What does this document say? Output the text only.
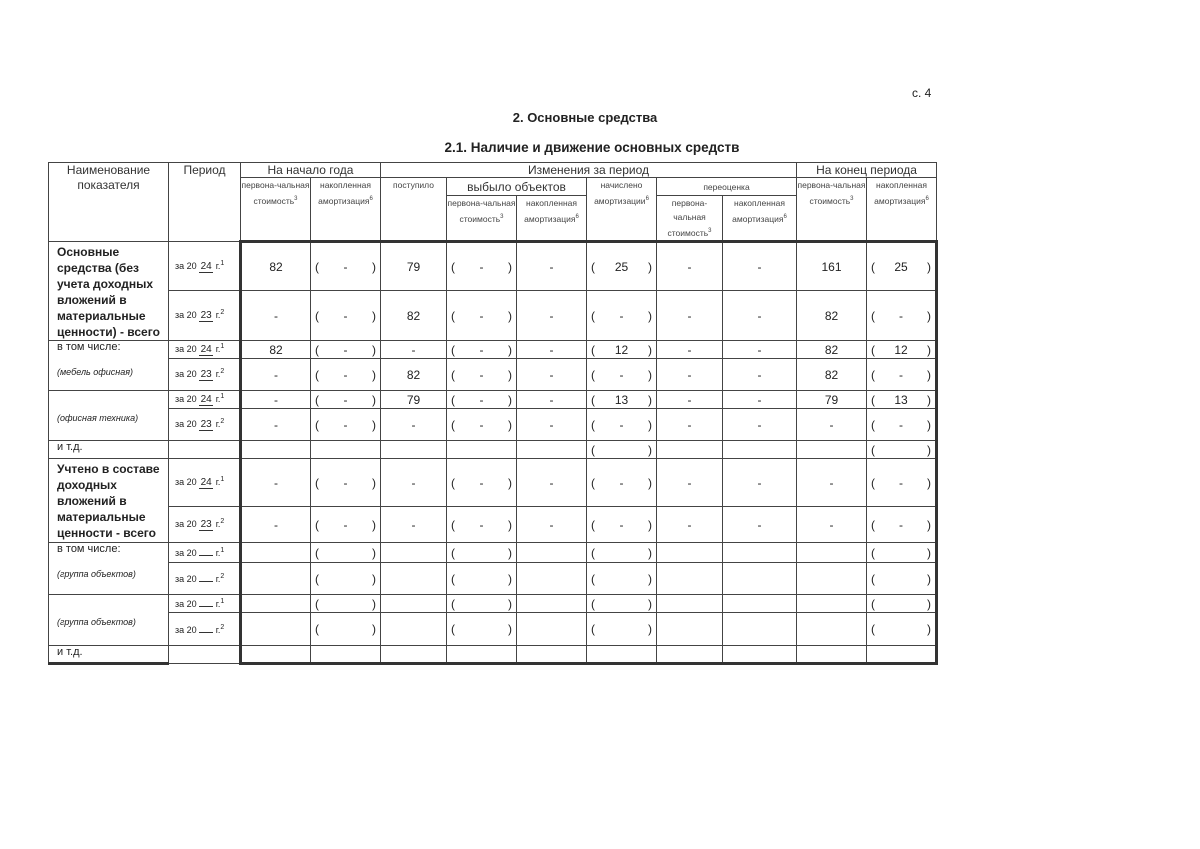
с. 4
2. Основные средства
2.1. Наличие и движение основных средств
Наименование показателя	Период	На начало года		Изменения за период						На конец периода	
		первона-чальная стоимость$^3$	накопленная амортизация$^6$	поступило	выбыло объектов		начислено амортизации$^6$	переоценка		первона-чальная стоимость$^3$	накопленная амортизация$^6$
					первона-чальная стоимость$^3$	накопленная амортизация$^6$		первона-чальная стоимость$^3$	накопленная амортизация$^6$
Основные средства (без учета доходных вложений в материальные ценности) - всего	за 20 24 г.$^1$	82	( - )	79	( - )	-	( 25 )	-	-	161	( 25 )

	за 20 23 г.$^2$	-	( - )	82	( - )	-	( - )	-	-	82	( - )

в том числе:
(мебель офисная)	за 20 24 г.$^1$	82	( - )	-	( - )	-	( 12 )	-	-	82	( 12 )

	за 20 23 г.$^2$	-	( - )	82	( - )	-	( - )	-	-	82	( - )

(офисная техника)	за 20 24 г.$^1$	-	( - )	79	( - )	-	( 13 )	-	-	79	( 13 )

	за 20 23 г.$^2$	-	( - )	-	( - )	-	( - )	-	-	-	( - )

и т.д.							( )				( )

Учтено в составе доходных вложений в материальные ценности - всего	за 20 24 г.$^1$	-	( - )	-	( - )	-	( - )	-	-	-	( - )

	за 20 23 г.$^2$	-	( - )	-	( - )	-	( - )	-	-	-	( - )

в том числе:
(группа объектов)	за 20 г.$^1$		( )		( )		( )				( )

	за 20 г.$^2$		( )		( )		( )				( )

(группа объектов)	за 20 г.$^1$		( )		( )		( )				( )

	за 20 г.$^2$		( )		( )		( )				( )

и т.д.											
